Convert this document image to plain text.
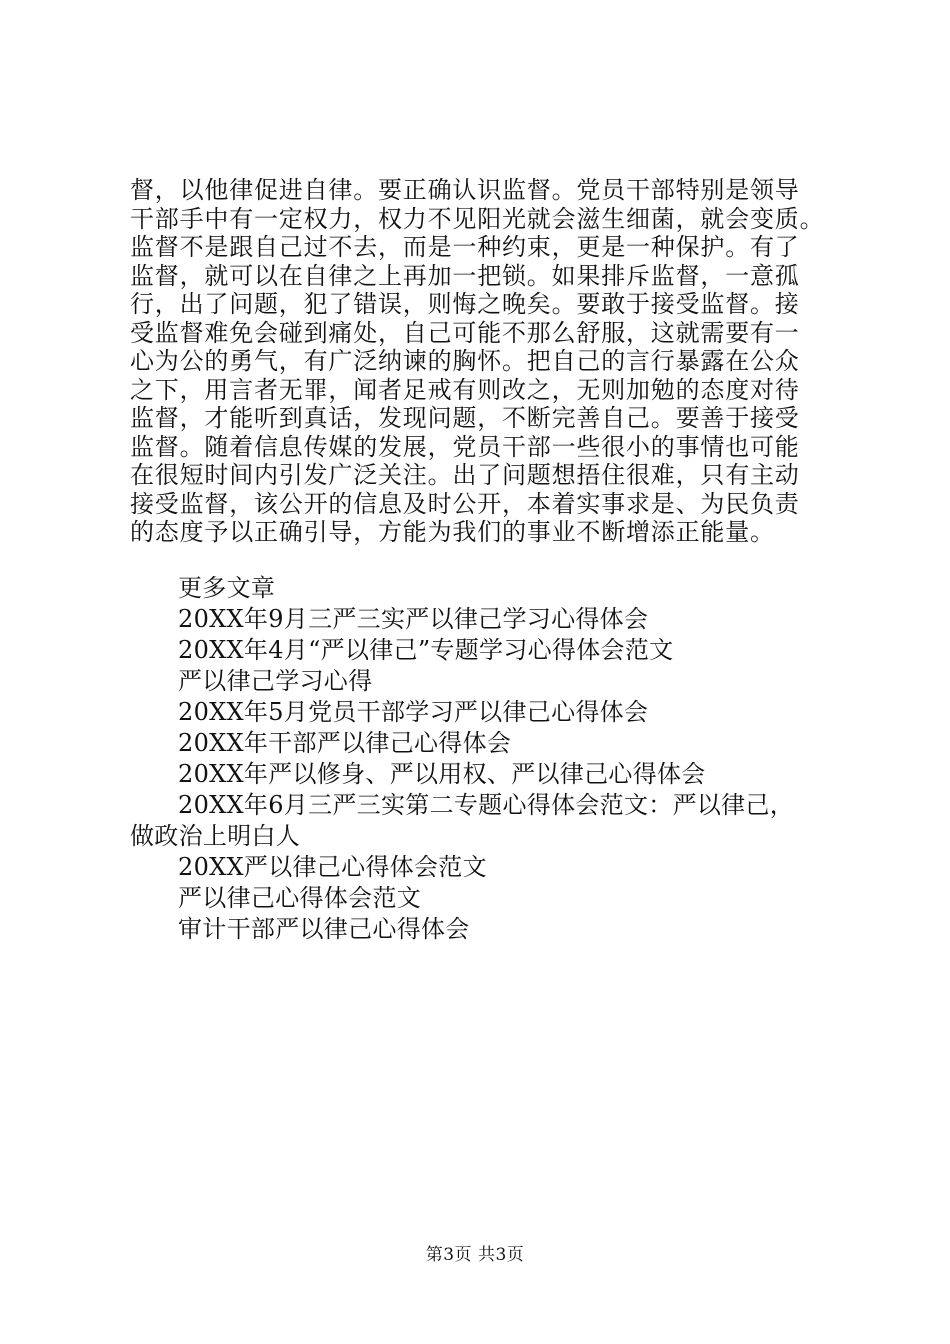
督，以他律促进自律。要正确认识监督。党员干部特别是领导
干部手中有一定权力，权力不见阳光就会滋生细菌，就会变质。
监督不是跟自己过不去，而是一种约束，更是一种保护。有了
监督，就可以在自律之上再加一把锁。如果排斥监督，一意孤
行，出了问题，犯了错误，则悔之晚矣。要敢于接受监督。接
受监督难免会碰到痛处，自己可能不那么舒服，这就需要有一
心为公的勇气，有广泛纳谏的胸怀。把自己的言行暴露在公众
之下，用言者无罪，闻者足戒有则改之，无则加勉的态度对待
监督，才能听到真话，发现问题，不断完善自己。要善于接受
监督。随着信息传媒的发展，党员干部一些很小的事情也可能
在很短时间内引发广泛关注。出了问题想捂住很难，只有主动
接受监督，该公开的信息及时公开，本着实事求是、为民负责
的态度予以正确引导，方能为我们的事业不断增添正能量。
更多文章
20XX年9月三严三实严以律己学习心得体会
20XX年4月“严以律己”专题学习心得体会范文
严以律己学习心得
20XX年5月党员干部学习严以律己心得体会
20XX年干部严以律己心得体会
20XX年严以修身、严以用权、严以律己心得体会
20XX年6月三严三实第二专题心得体会范文：严以律己，
做政治上明白人
20XX严以律己心得体会范文
严以律己心得体会范文
审计干部严以律己心得体会
第3页 共3页
